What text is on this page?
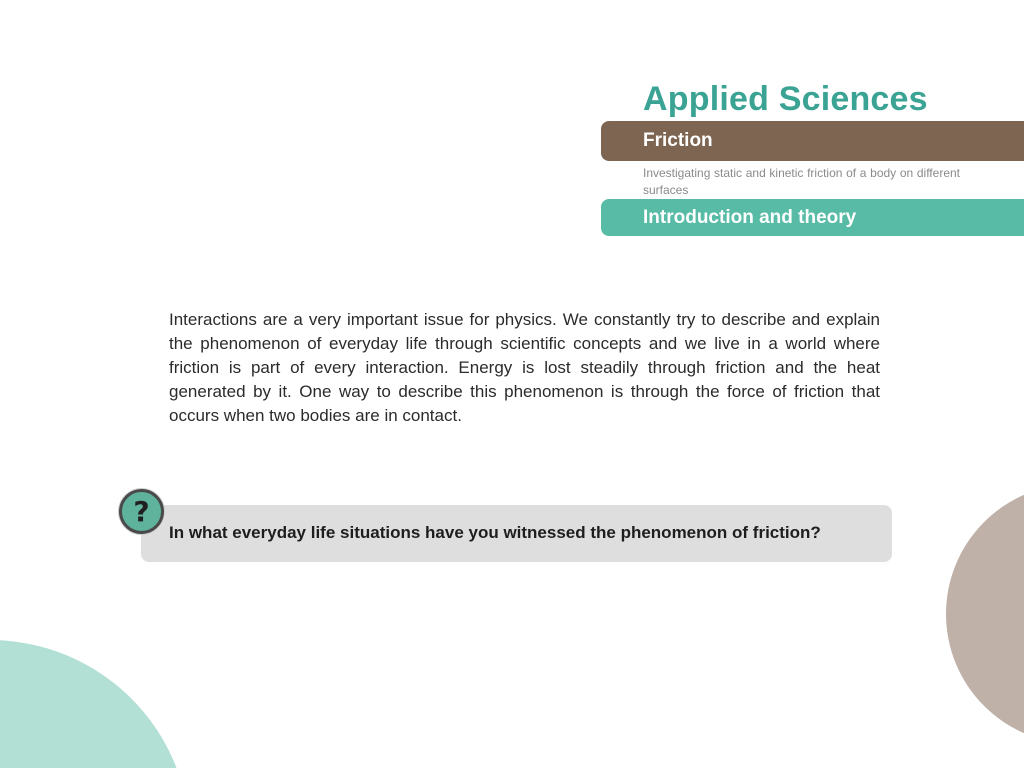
Applied Sciences
Friction
Investigating static and kinetic friction of a body on different surfaces
Introduction and theory
Interactions are a very important issue for physics. We constantly try to describe and explain the phenomenon of everyday life through scientific concepts and we live in a world where friction is part of every interaction. Energy is lost steadily through friction and the heat generated by it. One way to describe this phenomenon is through the force of friction that occurs when two bodies are in contact.
In what everyday life situations have you witnessed the phenomenon of friction?
?
